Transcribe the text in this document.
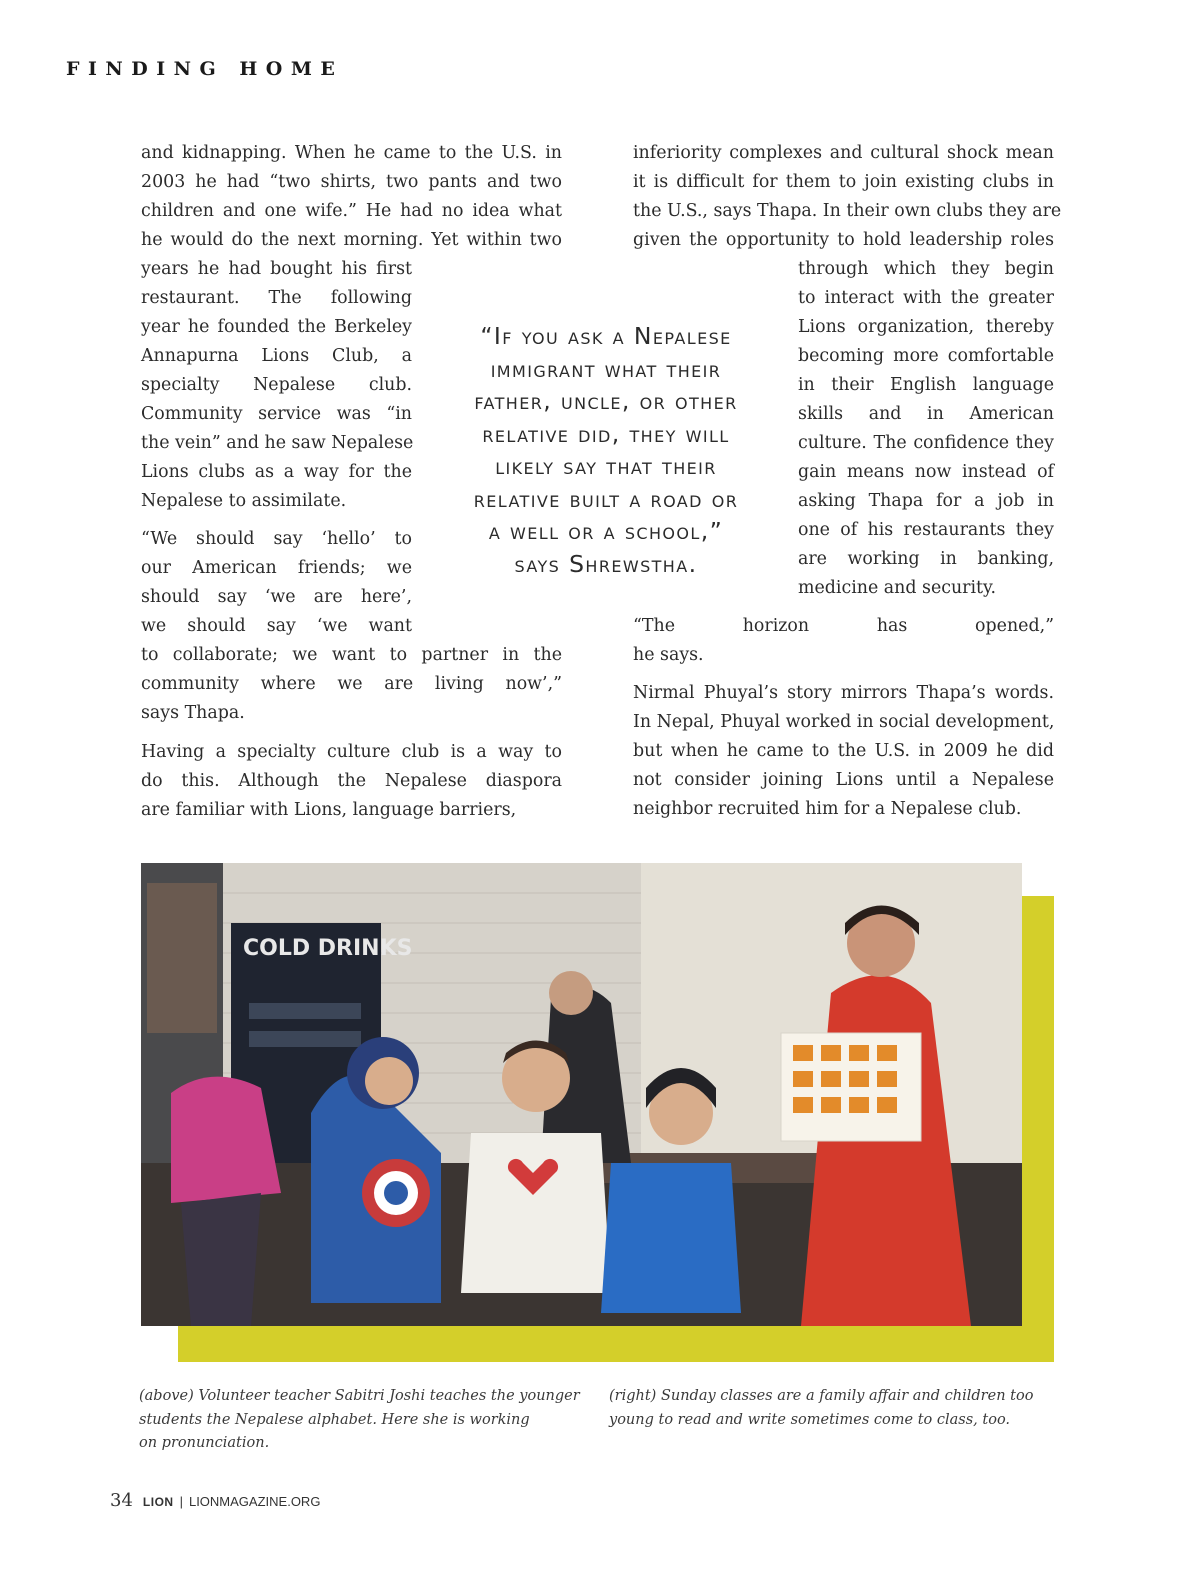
FINDING HOME
and kidnapping. When he came to the U.S. in
2003 he had “two shirts, two pants and two
children and one wife.” He had no idea what
he would do the next morning. Yet within two
years he had bought his first
restaurant. The following
year he founded the Berkeley
Annapurna Lions Club, a
specialty Nepalese club.
Community service was “in
the vein” and he saw Nepalese
Lions clubs as a way for the
Nepalese to assimilate.
“We should say ‘hello’ to
our American friends; we
should say ‘we are here’,
we should say ‘we want
to collaborate; we want to partner in the
community where we are living now’,”
says Thapa.
Having a specialty culture club is a way to
do this. Although the Nepalese diaspora
are familiar with Lions, language barriers,
inferiority complexes and cultural shock mean
it is difficult for them to join existing clubs in
the U.S., says Thapa. In their own clubs they are
given the opportunity to hold leadership roles
through which they begin
to interact with the greater
Lions organization, thereby
becoming more comfortable
in their English language
skills and in American
culture. The confidence they
gain means now instead of
asking Thapa for a job in
one of his restaurants they
are working in banking,
medicine and security.
“The horizon has opened,”
he says.
Nirmal Phuyal’s story mirrors Thapa’s words.
In Nepal, Phuyal worked in social development,
but when he came to the U.S. in 2009 he did
not consider joining Lions until a Nepalese
neighbor recruited him for a Nepalese club.
“If you ask a Nepalese
immigrant what their
father, uncle, or other
relative did, they will
likely say that their
relative built a road or
a well or a school,”
says Shrewstha.
COLD DRINKS
(above) Volunteer teacher Sabitri Joshi teaches the younger
students the Nepalese alphabet. Here she is working
on pronunciation.
(right) Sunday classes are a family affair and children too
young to read and write sometimes come to class, too.
34 LION | LIONMAGAZINE.ORG
